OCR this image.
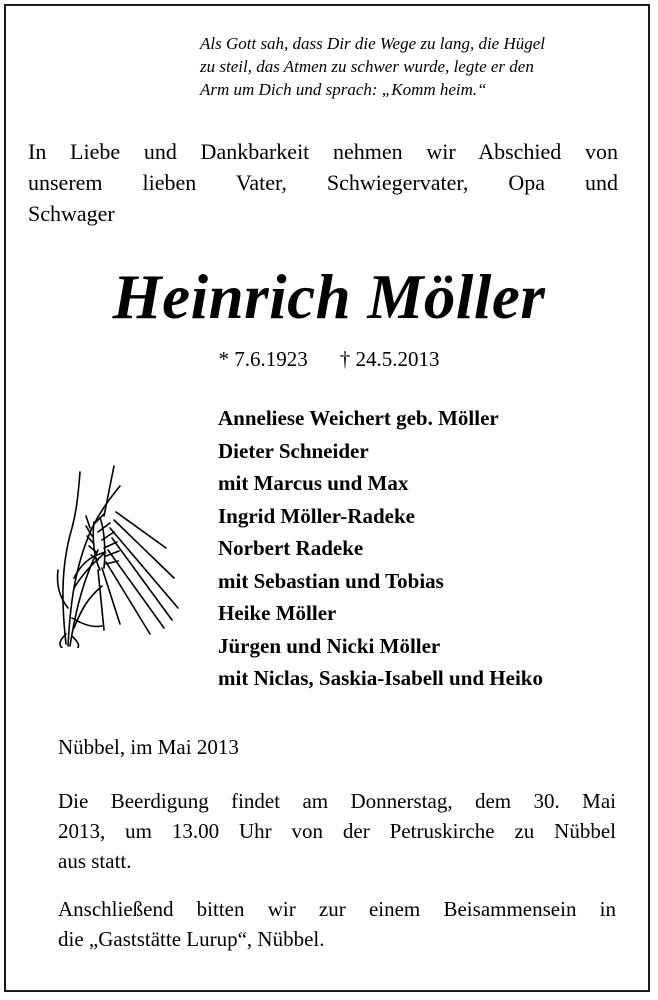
Als Gott sah, dass Dir die Wege zu lang, die Hügel
zu steil, das Atmen zu schwer wurde, legte er den
Arm um Dich und sprach: „Komm heim.“
In Liebe und Dankbarkeit nehmen wir Abschied von
unserem lieben Vater, Schwiegervater, Opa und
Schwager
Heinrich Möller
* 7.6.1923 † 24.5.2013
Anneliese Weichert geb. Möller
Dieter Schneider
mit Marcus und Max
Ingrid Möller-Radeke
Norbert Radeke
mit Sebastian und Tobias
Heike Möller
Jürgen und Nicki Möller
mit Niclas, Saskia-Isabell und Heiko
Nübbel, im Mai 2013
Die Beerdigung findet am Donnerstag, dem 30. Mai
2013, um 13.00 Uhr von der Petruskirche zu Nübbel
aus statt.
Anschließend bitten wir zur einem Beisammensein in
die „Gaststätte Lurup“, Nübbel.
